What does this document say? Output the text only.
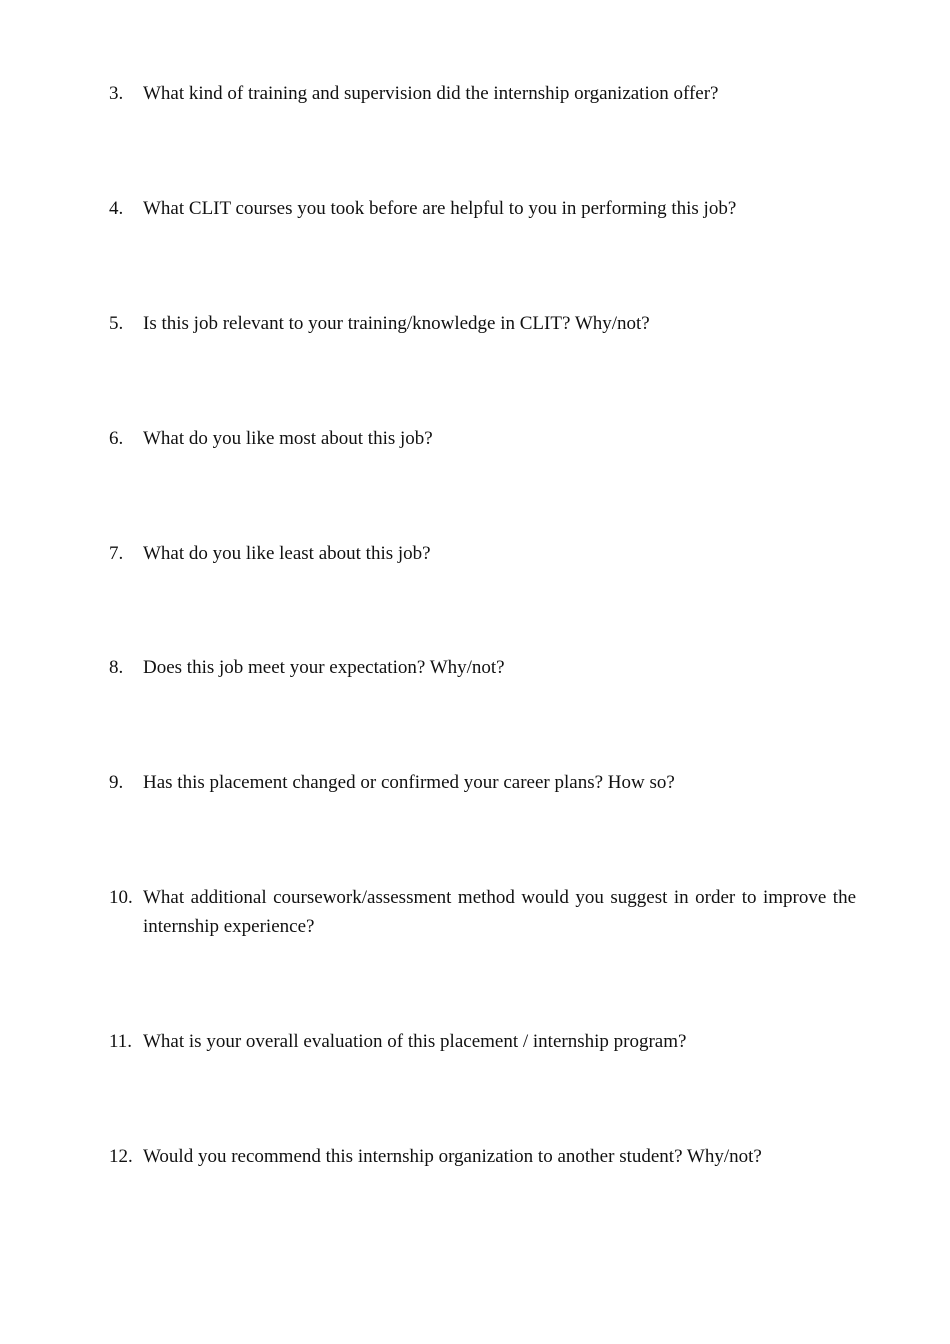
3.	What kind of training and supervision did the internship organization offer?
4.	What CLIT courses you took before are helpful to you in performing this job?
5.	Is this job relevant to your training/knowledge in CLIT? Why/not?
6.	What do you like most about this job?
7.	What do you like least about this job?
8.	Does this job meet your expectation? Why/not?
9.	Has this placement changed or confirmed your career plans? How so?
10. What additional coursework/assessment method would you suggest in order to improve the internship experience?
11. What is your overall evaluation of this placement / internship program?
12. Would you recommend this internship organization to another student? Why/not?
